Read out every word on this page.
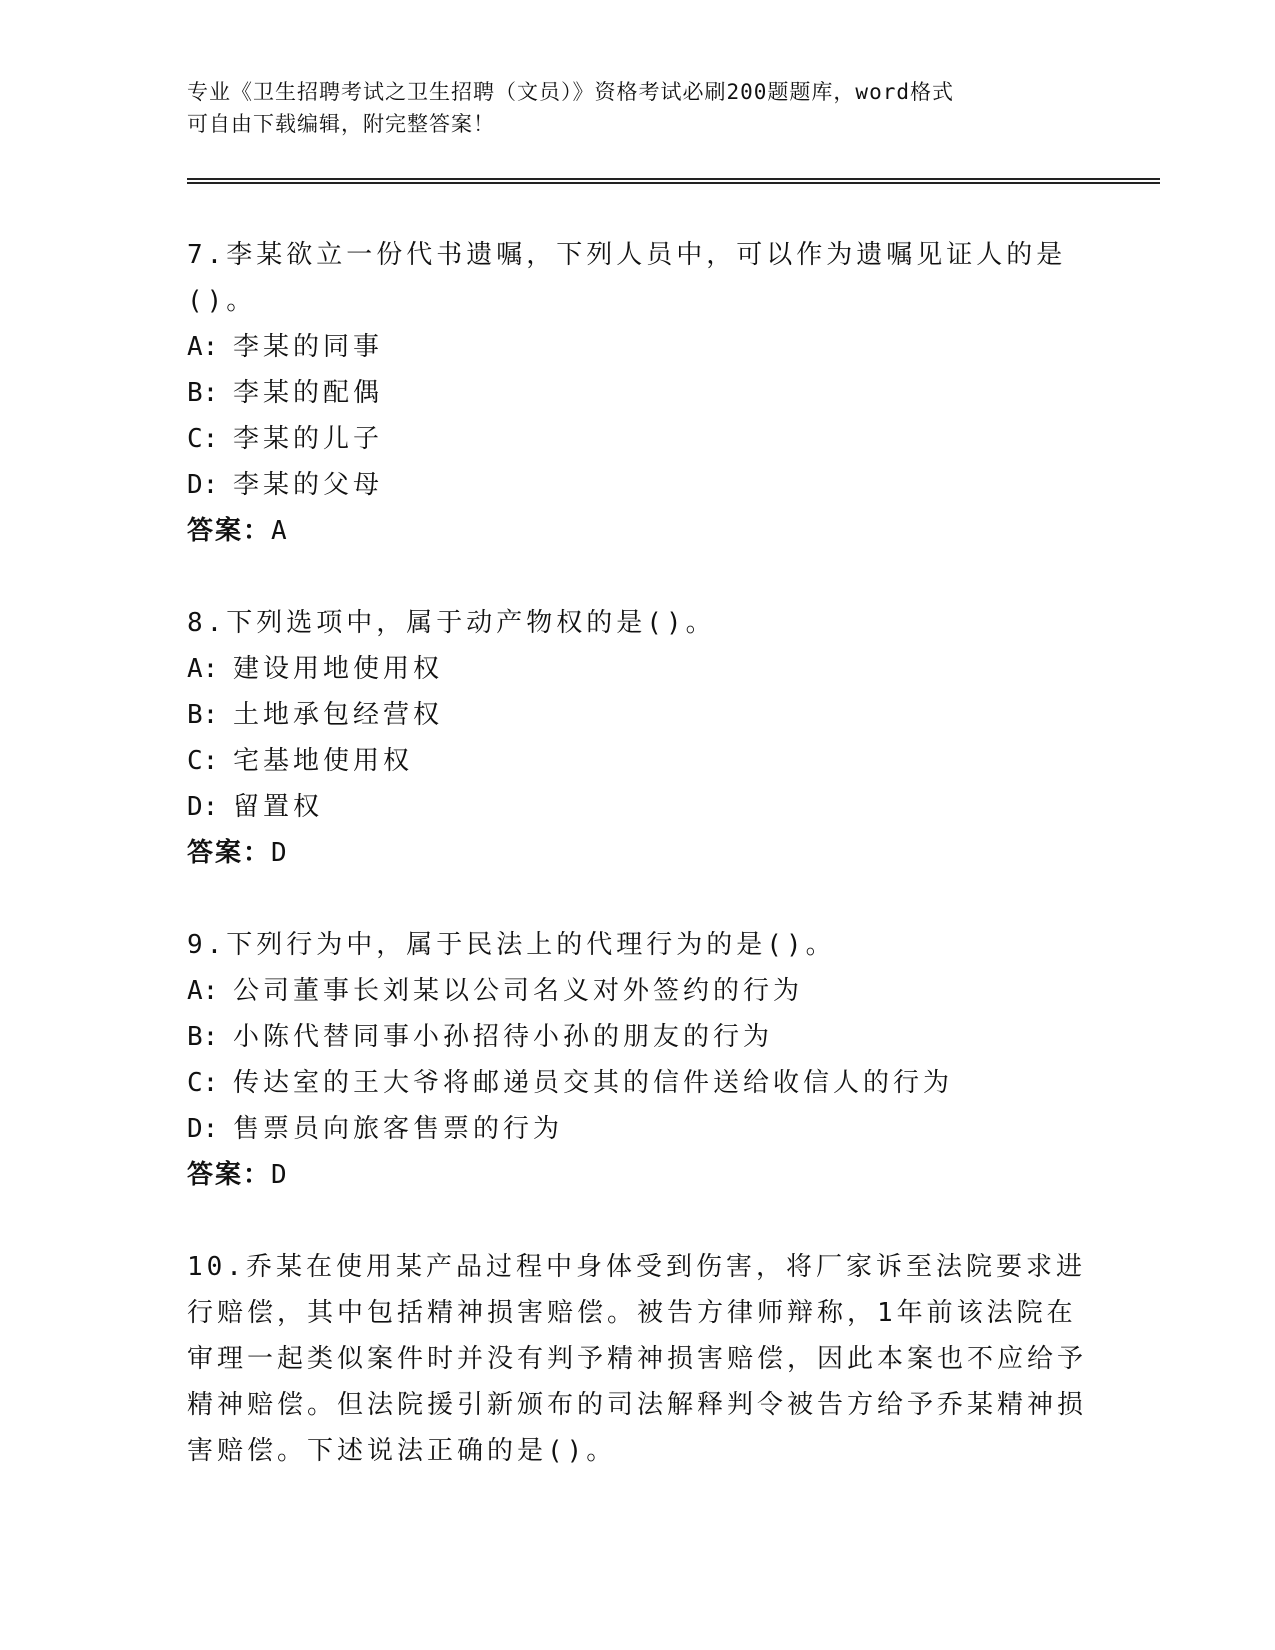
专业《卫生招聘考试之卫生招聘（文员）》资格考试必刷200题题库，word格式
可自由下载编辑，附完整答案！

7.李某欲立一份代书遗嘱，下列人员中，可以作为遗嘱见证人的是()。

A: 李某的同事

B: 李某的配偶

C: 李某的儿子

D: 李某的父母

答案：A

8.下列选项中，属于动产物权的是()。

A: 建设用地使用权

B: 土地承包经营权

C: 宅基地使用权

D: 留置权

答案：D

9.下列行为中，属于民法上的代理行为的是()。

A: 公司董事长刘某以公司名义对外签约的行为

B: 小陈代替同事小孙招待小孙的朋友的行为

C: 传达室的王大爷将邮递员交其的信件送给收信人的行为

D: 售票员向旅客售票的行为

答案：D

10.乔某在使用某产品过程中身体受到伤害，将厂家诉至法院要求进行赔偿，其中包括精神损害赔偿。被告方律师辩称，1年前该法院在审理一起类似案件时并没有判予精神损害赔偿，因此本案也不应给予精神赔偿。但法院援引新颁布的司法解释判令被告方给予乔某精神损害赔偿。下述说法正确的是()。
